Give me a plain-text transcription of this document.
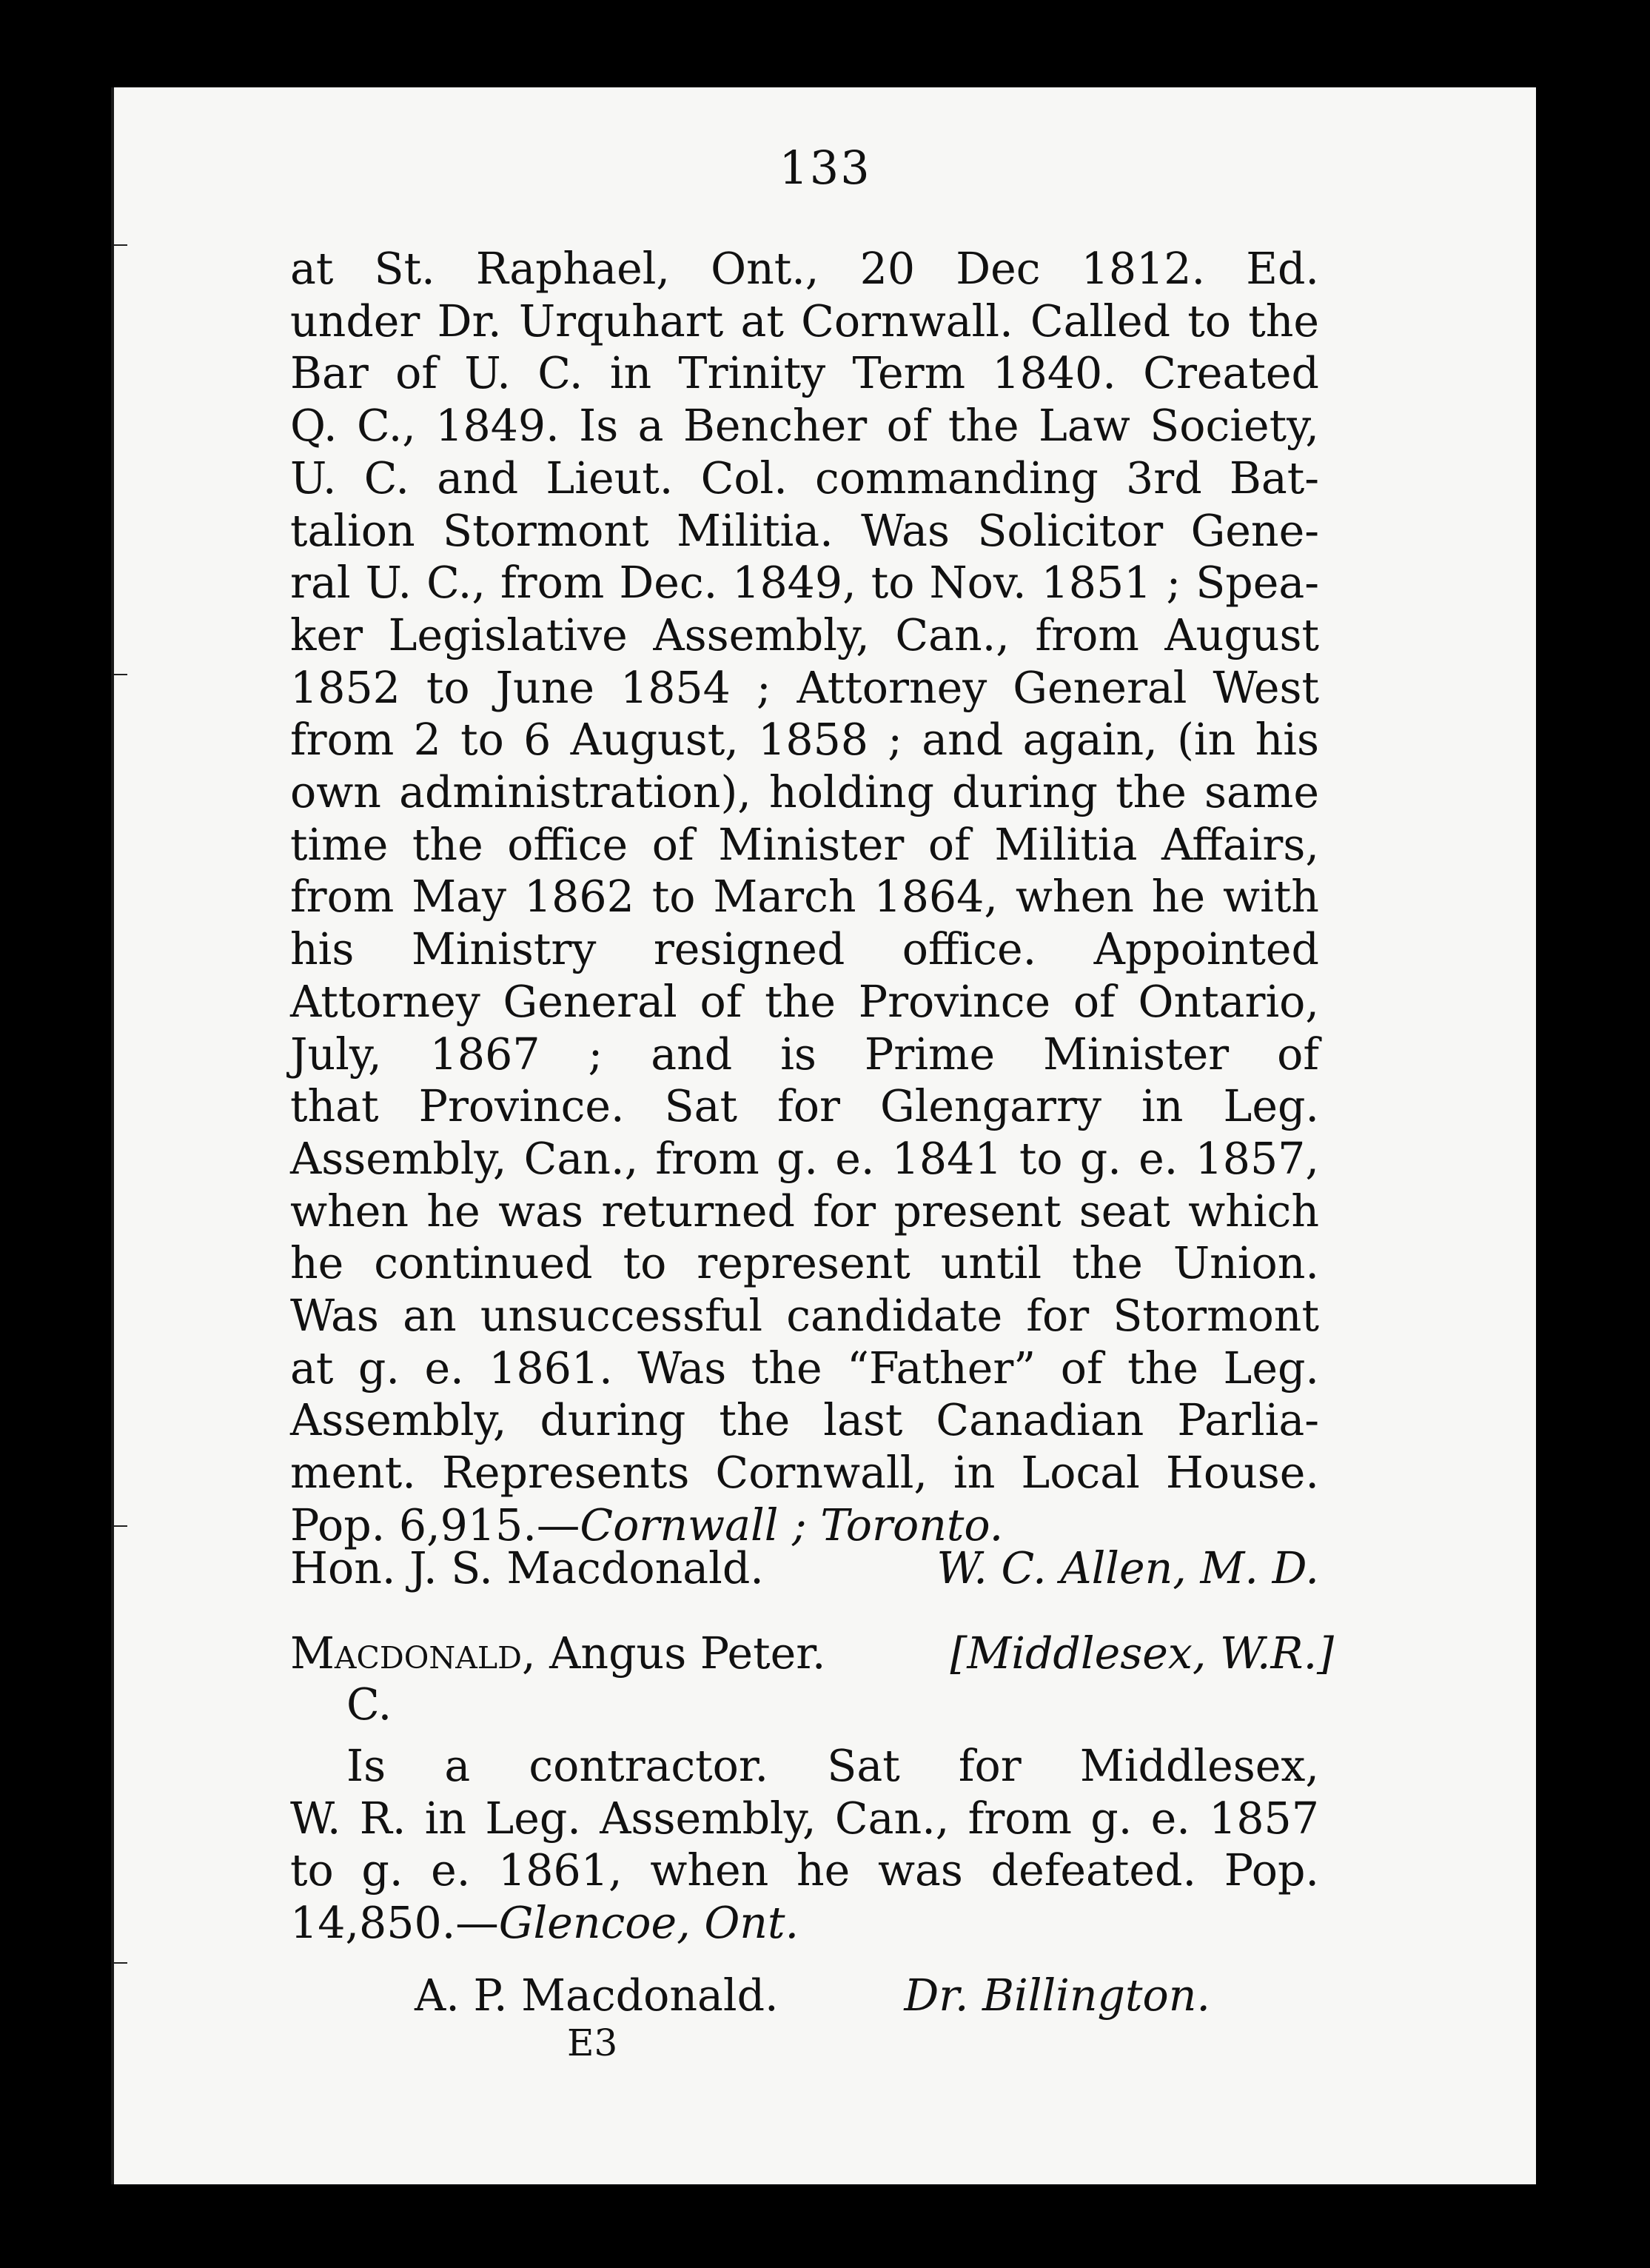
133
at St. Raphael, Ont., 20 Dec 1812. Ed.
under Dr. Urquhart at Cornwall. Called to the
Bar of U. C. in Trinity Term 1840. Created
Q. C., 1849. Is a Bencher of the Law Society,
U. C. and Lieut. Col. commanding 3rd Bat-
talion Stormont Militia. Was Solicitor Gene-
ral U. C., from Dec. 1849, to Nov. 1851 ; Spea-
ker Legislative Assembly, Can., from August
1852 to June 1854 ; Attorney General West
from 2 to 6 August, 1858 ; and again, (in his
own administration), holding during the same
time the office of Minister of Militia Affairs,
from May 1862 to March 1864, when he with
his Ministry resigned office. Appointed
Attorney General of the Province of Ontario,
July, 1867 ; and is Prime Minister of
that Province. Sat for Glengarry in Leg.
Assembly, Can., from g. e. 1841 to g. e. 1857,
when he was returned for present seat which
he continued to represent until the Union.
Was an unsuccessful candidate for Stormont
at g. e. 1861. Was the “Father” of the Leg.
Assembly, during the last Canadian Parlia-
ment. Represents Cornwall, in Local House.
Pop. 6,915.—Cornwall ; Toronto.
Hon. J. S. Macdonald.	W. C. Allen, M. D.
Macdonald, Angus Peter.	[Middlesex, W.R.]
C.
Is a contractor. Sat for Middlesex,
W. R. in Leg. Assembly, Can., from g. e. 1857
to g. e. 1861, when he was defeated. Pop.
14,850.—Glencoe, Ont.
A. P. Macdonald.	Dr. Billington.
E3
